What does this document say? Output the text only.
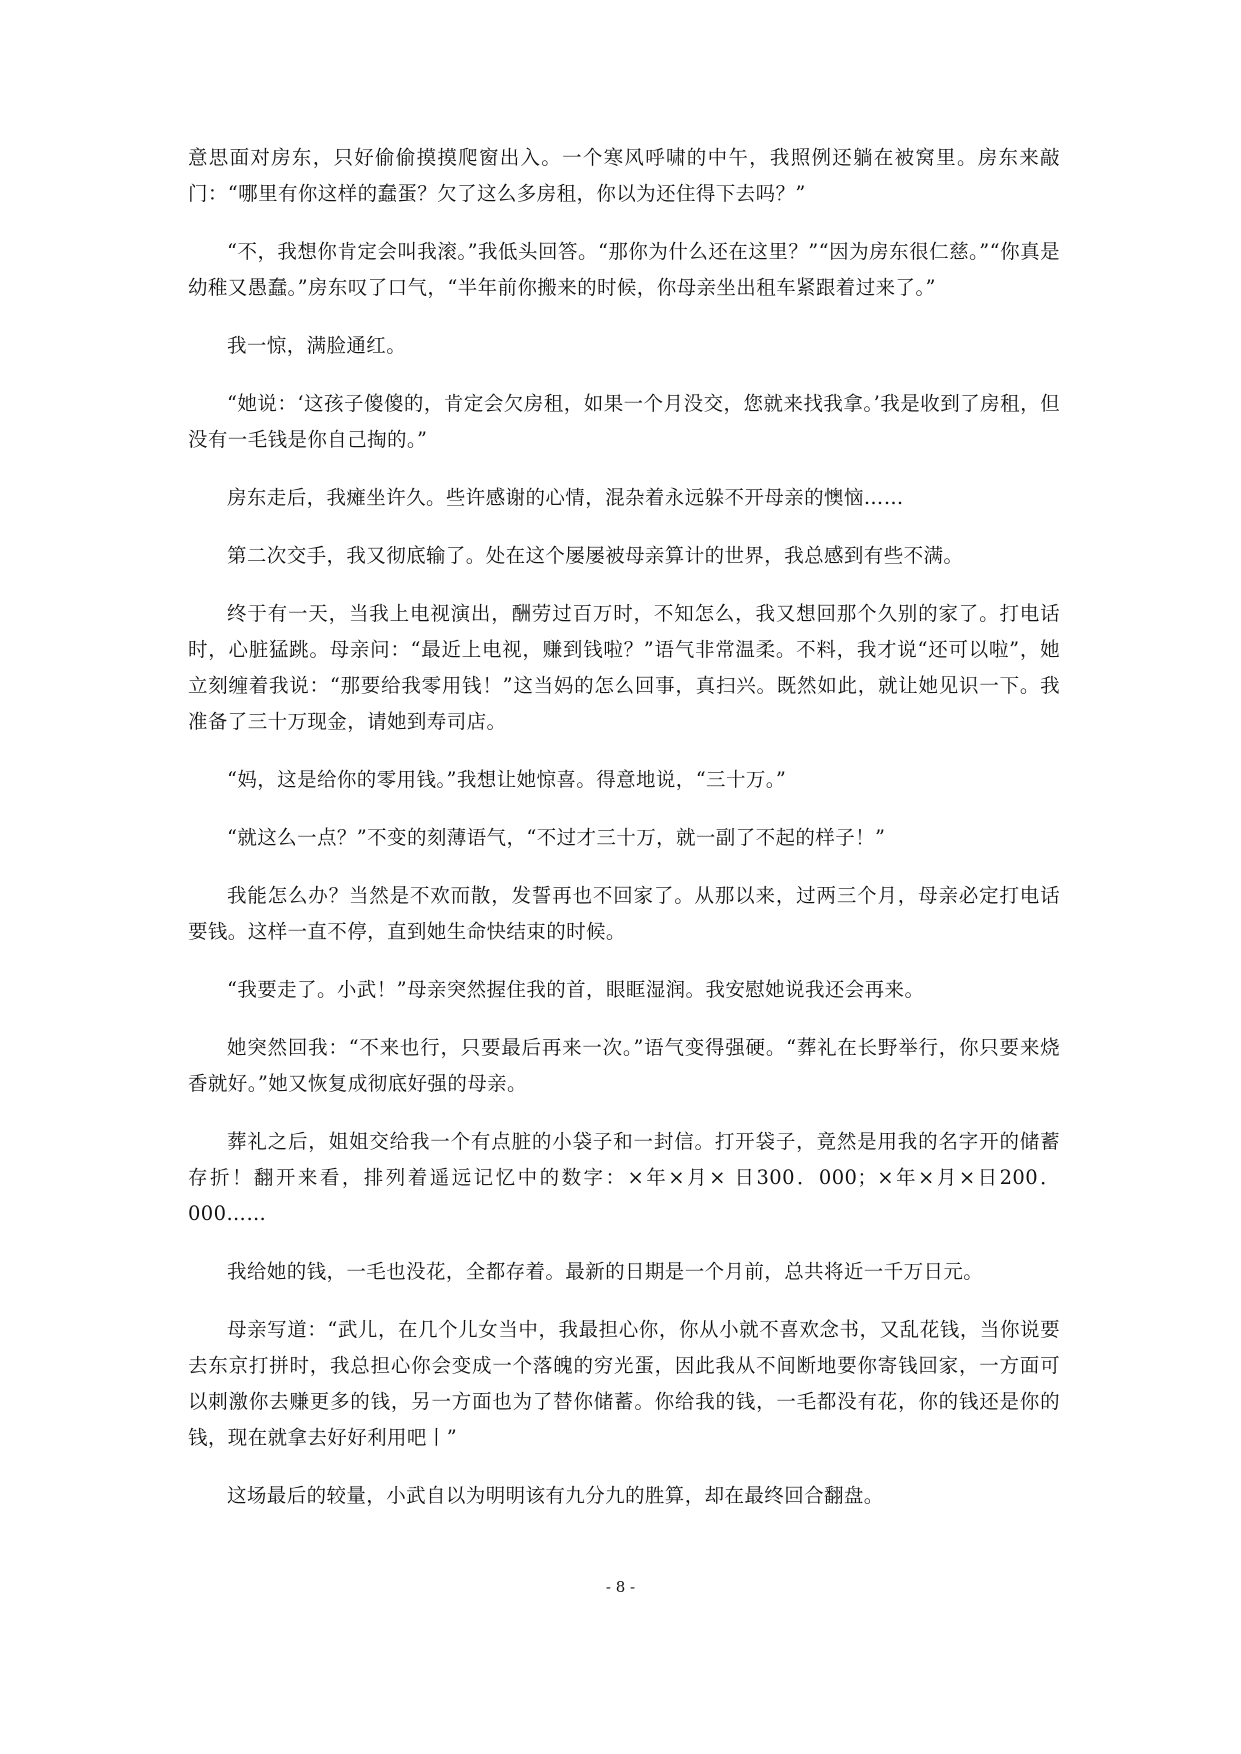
意思面对房东，只好偷偷摸摸爬窗出入。一个寒风呼啸的中午，我照例还躺在被窝里。房东来敲门：“哪里有你这样的蠢蛋？欠了这么多房租，你以为还住得下去吗？”

“不，我想你肯定会叫我滚。”我低头回答。“那你为什么还在这里？”“因为房东很仁慈。”“你真是幼稚又愚蠢。”房东叹了口气，“半年前你搬来的时候，你母亲坐出租车紧跟着过来了。”

我一惊，满脸通红。

“她说：‘这孩子傻傻的，肯定会欠房租，如果一个月没交，您就来找我拿。’我是收到了房租，但没有一毛钱是你自己掏的。”

房东走后，我瘫坐许久。些许感谢的心情，混杂着永远躲不开母亲的懊恼……

第二次交手，我又彻底输了。处在这个屡屡被母亲算计的世界，我总感到有些不满。

终于有一天，当我上电视演出，酬劳过百万时，不知怎么，我又想回那个久别的家了。打电话时，心脏猛跳。母亲问：“最近上电视，赚到钱啦？”语气非常温柔。不料，我才说“还可以啦”，她立刻缠着我说：“那要给我零用钱！”这当妈的怎么回事，真扫兴。既然如此，就让她见识一下。我准备了三十万现金，请她到寿司店。

“妈，这是给你的零用钱。”我想让她惊喜。得意地说，“三十万。”

“就这么一点？”不变的刻薄语气，“不过才三十万，就一副了不起的样子！”

我能怎么办？当然是不欢而散，发誓再也不回家了。从那以来，过两三个月，母亲必定打电话要钱。这样一直不停，直到她生命快结束的时候。

“我要走了。小武！”母亲突然握住我的首，眼眶湿润。我安慰她说我还会再来。

她突然回我：“不来也行，只要最后再来一次。”语气变得强硬。“葬礼在长野举行，你只要来烧香就好。”她又恢复成彻底好强的母亲。

葬礼之后，姐姐交给我一个有点脏的小袋子和一封信。打开袋子，竟然是用我的名字开的储蓄存折！翻开来看，排列着遥远记忆中的数字：×年×月× 日300．000；×年×月×日200．000……

我给她的钱，一毛也没花，全都存着。最新的日期是一个月前，总共将近一千万日元。

母亲写道：“武儿，在几个儿女当中，我最担心你，你从小就不喜欢念书，又乱花钱，当你说要去东京打拼时，我总担心你会变成一个落魄的穷光蛋，因此我从不间断地要你寄钱回家，一方面可以刺激你去赚更多的钱，另一方面也为了替你储蓄。你给我的钱，一毛都没有花，你的钱还是你的钱，现在就拿去好好利用吧丨”

这场最后的较量，小武自以为明明该有九分九的胜算，却在最终回合翻盘。

- 8 -
